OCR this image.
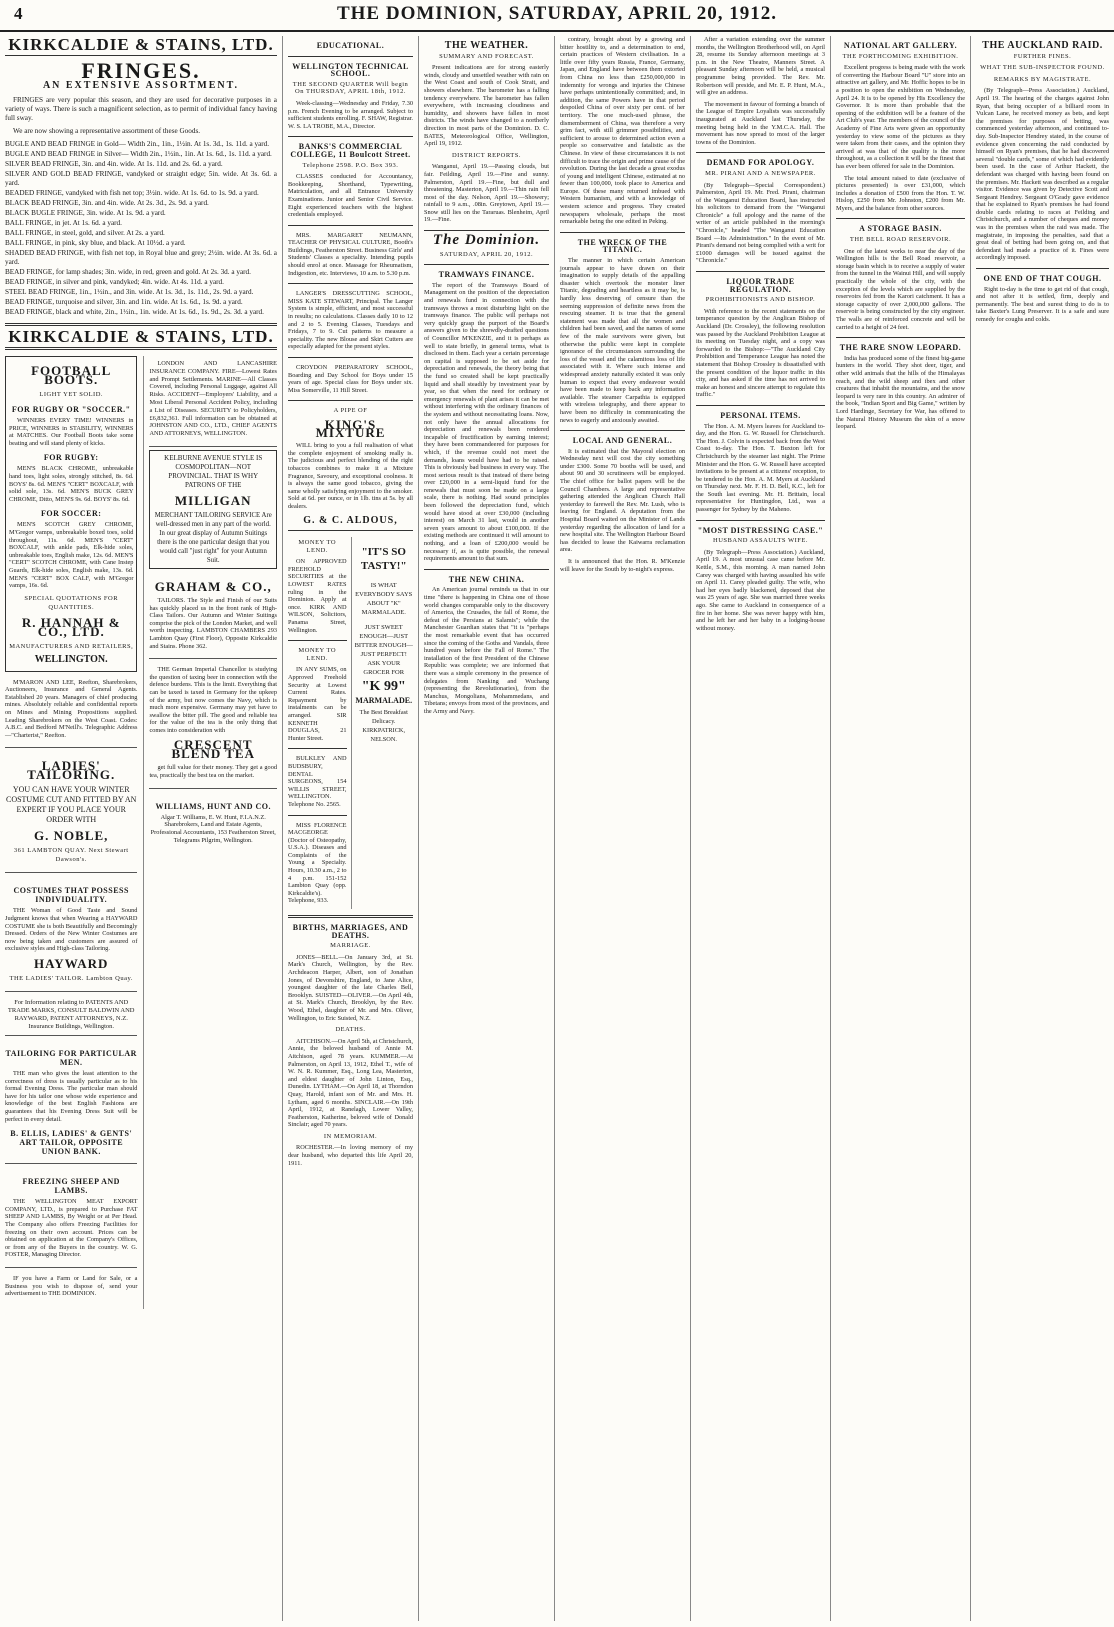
4	THE DOMINION, SATURDAY, APRIL 20, 1912.
KIRKCALDIE & STAINS, LTD.
FRINGES.
AN EXTENSIVE ASSORTMENT.

FRINGES are very popular this season, and they are used for decorative purposes in a variety of ways. There is such a magnificent selection, as to permit of individual fancy having full sway.

We are now showing a representative assortment of these Goods.

BUGLE AND BEAD FRINGE in Gold— Width 2in., 1in., 1½in. At 1s. 3d., 1s. 11d. a yard.
BUGLE AND BEAD FRINGE in Silver— Width 2in., 1½in., 1in. At 1s. 6d., 1s. 11d. a yard.
SILVER BEAD FRINGE, 3in. and 4in. wide. At 1s. 11d. and 2s. 6d. a yard.
SILVER AND GOLD BEAD FRINGE, vandyked or straight edge; 5in. wide. At 3s. 6d. a yard.
BEADED FRINGE, vandyked with fish net top; 3½in. wide. At 1s. 6d. to 1s. 9d. a yard.
BLACK BEAD FRINGE, 3in. and 4in. wide. At 2s. 3d., 2s. 9d. a yard.
BLACK BUGLE FRINGE, 3in. wide. At 1s. 9d. a yard.
BALL FRINGE, in jet. At 1s. 6d. a yard.
BALL FRINGE, in steel, gold, and silver. At 2s. a yard.
BALL FRINGE, in pink, sky blue, and black. At 10½d. a yard.
SHADED BEAD FRINGE, with fish net top, in Royal blue and grey; 2½in. wide. At 3s. 6d. a yard.
BEAD FRINGE, for lamp shades; 3in. wide, in red, green and gold. At 2s. 3d. a yard.
BEAD FRINGE, in silver and pink, vandyked; 4in. wide. At 4s. 11d. a yard.
STEEL BEAD FRINGE, 1in., 1½in., and 3in. wide. At 1s. 3d., 1s. 11d., 2s. 9d. a yard.
BEAD FRINGE, turquoise and silver, 3in. and 1in. wide. At 1s. 6d., 1s. 9d. a yard.
BEAD FRINGE, black and white, 2in., 1½in., 1in. wide. At 1s. 6d., 1s. 9d., 2s. 3d. a yard.
KIRKCALDIE & STAINS, LTD.
FOOTBALL BOOTS.
LIGHT YET SOLID.
FOR RUGBY OR "SOCCER."

WINNERS EVERY TIME! WINNERS in PRICE, WINNERS in STABILITY, WINNERS at MATCHES. Our Football Boots take some beating and will stand plenty of kicks.

FOR RUGBY:

MEN'S BLACK CHROME, unbreakable hand toes, light soles, strongly stitched, 8s. 6d. BOYS' 8s. 6d. MEN'S "CERT" BOXCALF, with solid sole, 13s. 6d. MEN'S BUCK GREY CHROME, Ditto, MEN'S 9s. 6d. BOYS' 8s. 6d.

FOR SOCCER:

MEN'S SCOTCH GREY CHROME, M'Gregor vamps, unbreakable boxed toes, solid throughout, 11s. 6d. MEN'S "CERT" BOXCALF, with ankle pads, Elk-hide soles, unbreakable toes, English make, 12s. 6d. MEN'S "CERT" SCOTCH CHROME, with Cane Instep Guards, Elk-hide soles, English make, 13s. 6d. MEN'S "CERT" BOX CALF, with M'Gregor vamps, 16s. 6d.

SPECIAL QUOTATIONS FOR QUANTITIES.
R. HANNAH & CO., LTD.
MANUFACTURERS AND RETAILERS,
WELLINGTON.

M'MARON AND LEE, Reefton, Sharebrokers, Auctioneers, Insurance and General Agents. Established 20 years. Managers of chief producing mines. Absolutely reliable and confidential reports on Mines and Mining Propositions supplied. Leading Sharebrokers on the West Coast. Codes: A.B.C. and Bedford M'Neill's. Telegraphic Address—"Charterist," Reefton.

LADIES' TAILORING.
YOU CAN HAVE YOUR WINTER COSTUME CUT AND FITTED BY AN EXPERT IF YOU PLACE YOUR ORDER WITH
G. NOBLE,
361 LAMBTON QUAY. Next Stewart Dawson's.
COSTUMES THAT POSSESS INDIVIDUALITY.

THE Woman of Good Taste and Sound Judgment knows that when Wearing a HAYWARD COSTUME she is both Beautifully and Becomingly Dressed. Orders of the New Winter Costumes are now being taken and customers are assured of exclusive styles and High-class Tailoring.

HAYWARD
THE LADIES' TAILOR. Lambton Quay.
For Information relating to PATENTS AND TRADE MARKS, CONSULT BALDWIN AND RAYWARD, PATENT ATTORNEYS, N.Z. Insurance Buildings, Wellington.
TAILORING FOR PARTICULAR MEN.

THE man who gives the least attention to the correctness of dress is usually particular as to his formal Evening Dress. The particular man should have for his tailor one whose wide experience and knowledge of the best English Fashions are guarantees that his Evening Dress Suit will be perfect in every detail.

B. ELLIS, LADIES' & GENTS' ART TAILOR, OPPOSITE UNION BANK.
FREEZING SHEEP AND LAMBS.

THE WELLINGTON MEAT EXPORT COMPANY, LTD., is prepared to Purchase FAT SHEEP AND LAMBS, By Weight or at Per Head. The Company also offers Freezing Facilities for freezing on their own account. Prices can be obtained on application at the Company's Offices, or from any of the Buyers in the country. W. G. FOSTER, Managing Director.

IF you have a Farm or Land for Sale, or a Business you wish to dispose of, send your advertisement to THE DOMINION.

LONDON AND LANCASHIRE INSURANCE COMPANY. FIRE—Lowest Rates and Prompt Settlements. MARINE—All Classes Covered, including Personal Luggage, against All Risks. ACCIDENT—Employers' Liability, and a Most Liberal Personal Accident Policy, including a List of Diseases. SECURITY to Policyholders, £6,832,361. Full information can be obtained at JOHNSTON AND CO., LTD., CHIEF AGENTS AND ATTORNEYS, WELLINGTON.

KELBURNE AVENUE STYLE IS COSMOPOLITAN—NOT PROVINCIAL. THAT IS WHY PATRONS OF THE
MILLIGAN
MERCHANT TAILORING SERVICE Are well-dressed men in any part of the world. In our great display of Autumn Suitings there is the one particular design that you would call "just right" for your Autumn Suit.
GRAHAM & CO.,

TAILORS. The Style and Finish of our Suits has quickly placed us in the front rank of High-Class Tailors. Our Autumn and Winter Suitings comprise the pick of the London Market, and well worth inspecting. LAMBTON CHAMBERS 293 Lambton Quay (First Floor), Opposite Kirkcaldie and Stains. Phone 362.

THE German Imperial Chancellor is studying the question of taxing beer in connection with the defence burdens. This is the limit. Everything that can be taxed is taxed in Germany for the upkeep of the army, but now comes the Navy, which is much more expensive. Germany may yet have to swallow the bitter pill. The good and reliable tea for the value of the tea is the only thing that comes into consideration with

CRESCENT BLEND TEA

get full value for their money. They get a good tea, practically the best tea on the market.

WILLIAMS, HUNT AND CO.
Algar T. Williams, E. W. Hunt, F.I.A.N.Z. Sharebrokers, Land and Estate Agents, Professional Accountants, 153 Featherston Street, Telegrams Pilgrim, Wellington.
EDUCATIONAL.
WELLINGTON TECHNICAL SCHOOL.
THE SECOND QUARTER Will begin On THURSDAY, APRIL 18th, 1912.

Week-classing—Wednesday and Friday, 7.30 p.m. French Evening to be arranged. Subject to sufficient students enrolling. F. SHAW, Registrar. W. S. LA TROBE, M.A., Director.

BANKS'S COMMERCIAL COLLEGE, 11 Boulcott Street.
Telephone 2598. P.O. Box 393.

CLASSES conducted for Accountancy, Bookkeeping, Shorthand, Typewriting, Matriculation, and all Entrance University Examinations. Junior and Senior Civil Service. Eight experienced teachers with the highest credentials employed.

MRS. MARGARET NEUMANN, TEACHER OF PHYSICAL CULTURE, Booth's Buildings, Featherston Street. Business Girls' and Students' Classes a speciality. Intending pupils should enrol at once. Massage for Rheumatism, Indigestion, etc. Interviews, 10 a.m. to 5.30 p.m.

LANGER'S DRESSCUTTING SCHOOL, MISS KATE STEWART, Principal. The Langer System is simple, efficient, and most successful in results; no calculations. Classes daily 10 to 12 and 2 to 5. Evening Classes, Tuesdays and Fridays, 7 to 9. Cut patterns to measure a speciality. The new Blouse and Skirt Cutters are especially adapted for the present styles.

CROYDON PREPARATORY SCHOOL, Boarding and Day School for Boys under 15 years of age. Special class for Boys under six. Miss Somerville, 11 Hill Street.

A PIPE OF
KING'S MIXTURE

WILL bring to you a full realisation of what the complete enjoyment of smoking really is. The judicious and perfect blending of the right tobaccos combines to make it a Mixture Fragrance, Savoury, and exceptional coolness. It is always the same good tobacco, giving the same wholly satisfying enjoyment to the smoker. Sold at 6d. per ounce, or in 1lb. tins at 5s. by all dealers.

G. & C. ALDOUS,
MONEY TO LEND.

ON APPROVED FREEHOLD SECURITIES at the LOWEST RATES ruling in the Dominion. Apply at once. KIRK AND WILSON, Solicitors, Panama Street, Wellington.

MONEY TO LEND.

IN ANY SUMS, on Approved Freehold Security at Lowest Current Rates. Repayment by instalments can be arranged. SIR KENNETH DOUGLAS, 21 Hunter Street.

BULKLEY AND BUDSBURY, DENTAL SURGEONS, 154 WILLIS STREET, WELLINGTON. Telephone No. 2565.

MISS FLORENCE MACGEORGE (Doctor of Osteopathy, U.S.A.). Diseases and Complaints of the Young a Specialty. Hours, 10.30 a.m., 2 to 4 p.m. 151-152 Lambton Quay (opp. Kirkcaldie's). Telephone, 933.

"IT'S SO TASTY!"
IS WHAT EVERYBODY SAYS ABOUT "K" MARMALADE.
JUST SWEET ENOUGH—JUST BITTER ENOUGH—JUST PERFECT! ASK YOUR GROCER FOR
"K 99"
MARMALADE.
The Best Breakfast Delicacy. KIRKPATRICK, NELSON.
BIRTHS, MARRIAGES, AND DEATHS.
MARRIAGE.

JONES—BELL.—On January 3rd, at St. Mark's Church, Wellington, by the Rev. Archdeacon Harper, Albert, son of Jonathan Jones, of Devonshire, England, to Jane Alice, youngest daughter of the late Charles Bell, Brooklyn. SUISTED—OLIVER.—On April 4th, at St. Mark's Church, Brooklyn, by the Rev. Wood, Ethel, daughter of Mr. and Mrs. Oliver, Wellington, to Eric Suisted, N.Z.

DEATHS.

AITCHISON.—On April 5th, at Christchurch, Annie, the beloved husband of Annie M. Aitchison, aged 78 years. KUMMER.—At Palmerston, on April 13, 1912, Ethel T., wife of W. N. R. Kummer, Esq., Long Lea, Masterton, and eldest daughter of John Linton, Esq., Dunedin. LYTHAM.—On April 18, at Thorndon Quay, Harold, infant son of Mr. and Mrs. H. Lytham, aged 6 months. SINCLAIR.—On 19th April, 1912, at Ranelagh, Lower Valley, Featherston, Katherine, beloved wife of Donald Sinclair; aged 70 years.

IN MEMORIAM.

ROCHESTER.—In loving memory of my dear husband, who departed this life April 20, 1911.

THE WEATHER.
SUMMARY AND FORECAST.

Present indications are for strong easterly winds, cloudy and unsettled weather with rain on the West Coast and south of Cook Strait, and showers elsewhere. The barometer has a falling tendency everywhere. The barometer has fallen everywhere, with increasing cloudiness and humidity, and showers have fallen in most districts. The winds have changed to a northerly direction in most parts of the Dominion. D. C. BATES, Meteorological Office, Wellington, April 19, 1912.

DISTRICT REPORTS.

Wanganui, April 19.—Passing clouds, but fair. Feilding, April 19.—Fine and sunny. Palmerston, April 19.—Fine, but dull and threatening. Masterton, April 19.—Thin rain fell most of the day. Nelson, April 19.—Showery; rainfall to 9 a.m., .08in. Greytown, April 19.—Snow still lies on the Tararuas. Blenheim, April 19.—Fine.

The Dominion.
SATURDAY, APRIL 20, 1912.
TRAMWAYS FINANCE.

The report of the Tramways Board of Management on the position of the depreciation and renewals fund in connection with the tramways throws a most disturbing light on the tramways finance. The public will perhaps not very quickly grasp the purport of the Board's answers given to the shrewdly-drafted questions of Councillor M'KENZIE, and it is perhaps as well to state briefly, in general terms, what is disclosed in them. Each year a certain percentage on capital is supposed to be set aside for depreciation and renewals, the theory being that the fund so created shall be kept practically liquid and shall steadily by investment year by year, so that when the need for ordinary or emergency renewals of plant arises it can be met without interfering with the ordinary finances of the system and without necessitating loans. Now, not only have the annual allocations for depreciation and renewals been rendered incapable of fructification by earning interest; they have been commandeered for purposes for which, if the revenue could not meet the demands, loans would have had to be raised. This is obviously bad business in every way. The most serious result is that instead of there being over £20,000 in a semi-liquid fund for the renewals that must soon be made on a large scale, there is nothing. Had sound principles been followed the depreciation fund, which would have stood at over £30,000 (including interest) on March 31 last, would in another seven years amount to about £100,000. If the existing methods are continued it will amount to nothing, and a loan of £200,000 would be necessary if, as is quite possible, the renewal requirements amount to that sum.

THE NEW CHINA.

An American journal reminds us that in our time "there is happening in China one of those world changes comparable only to the discovery of America, the Crusades, the fall of Rome, the defeat of the Persians at Salamis"; while the Manchester Guardian states that "it is "perhaps the most remarkable event that has occurred since the coming of the Goths and Vandals, three hundred years before the Fall of Rome." The installation of the first President of the Chinese Republic was complete; we are informed that there was a simple ceremony in the presence of delegates from Nanking and Wuchang (representing the Revolutionaries), from the Manchus, Mongolians, Mohammedans, and Tibetans; envoys from most of the provinces, and the Army and Navy.

contrary, brought about by a growing and bitter hostility to, and a determination to end, certain practices of Western civilisation. In a little over fifty years Russia, France, Germany, Japan, and England have between them extorted from China no less than £250,000,000 in indemnity for wrongs and injuries the Chinese have perhaps unintentionally committed; and, in addition, the same Powers have in that period despoiled China of over sixty per cent. of her territory. The one much-used phrase, the dismemberment of China, was therefore a very grim fact, with still grimmer possibilities, and sufficient to arouse to determined action even a people so conservative and fatalistic as the Chinese. In view of these circumstances it is not difficult to trace the origin and prime cause of the revolution. During the last decade a great exodus of young and intelligent Chinese, estimated at no fewer than 100,000, took place to America and Europe. Of these many returned imbued with Western humanism, and with a knowledge of western science and progress. They created newspapers wholesale, perhaps the most remarkable being the one edited in Peking.

THE WRECK OF THE TITANIC.

The manner in which certain American journals appear to have drawn on their imagination to supply details of the appalling disaster which overtook the monster liner Titanic, degrading and heartless as it may be, is hardly less deserving of censure than the seeming suppression of definite news from the rescuing steamer. It is true that the general statement was made that all the women and children had been saved, and the names of some few of the male survivors were given, but otherwise the public were kept in complete ignorance of the circumstances surrounding the loss of the vessel and the calamitous loss of life associated with it. Where such intense and widespread anxiety naturally existed it was only human to expect that every endeavour would have been made to keep back any information available. The steamer Carpathia is equipped with wireless telegraphy, and there appear to have been no difficulty in communicating the news to eagerly and anxiously awaited.

LOCAL AND GENERAL.

It is estimated that the Mayoral election on Wednesday next will cost the city something under £300. Some 70 booths will be used, and about 90 and 30 scrutineers will be employed. The chief office for ballot papers will be the Council Chambers. A large and representative gathering attended the Anglican Church Hall yesterday to farewell the Rev. Mr. Lush, who is leaving for England. A deputation from the Hospital Board waited on the Minister of Lands yesterday regarding the allocation of land for a new hospital site. The Wellington Harbour Board has decided to lease the Kaiwarra reclamation area.

It is announced that the Hon. R. M'Kenzie will leave for the South by to-night's express.

After a variation extending over the summer months, the Wellington Brotherhood will, on April 28, resume its Sunday afternoon meetings at 3 p.m. in the New Theatre, Manners Street. A pleasant Sunday afternoon will be held, a musical programme being provided. The Rev. Mr. Robertson will preside, and Mr. E. P. Hunt, M.A., will give an address.

The movement in favour of forming a branch of the League of Empire Loyalists was successfully inaugurated at Auckland last Thursday, the meeting being held in the Y.M.C.A. Hall. The movement has now spread to most of the larger towns of the Dominion.

DEMAND FOR APOLOGY.
MR. PIRANI AND A NEWSPAPER.

(By Telegraph—Special Correspondent.) Palmerston, April 19. Mr. Fred. Pirani, chairman of the Wanganui Education Board, has instructed his solicitors to demand from the "Wanganui Chronicle" a full apology and the name of the writer of an article published in the morning's "Chronicle," headed "The Wanganui Education Board —Its Administration." In the event of Mr. Pirani's demand not being complied with a writ for £1000 damages will be issued against the "Chronicle."

LIQUOR TRADE REGULATION.
PROHIBITIONISTS AND BISHOP.

With reference to the recent statements on the temperance question by the Anglican Bishop of Auckland (Dr. Crossley), the following resolution was passed by the Auckland Prohibition League at its meeting on Tuesday night, and a copy was forwarded to the Bishop:—"The Auckland City Prohibition and Temperance League has noted the statement that Bishop Crossley is dissatisfied with the present condition of the liquor traffic in this city, and has asked if the time has not arrived to make an honest and sincere attempt to regulate this traffic."

PERSONAL ITEMS.

The Hon. A. M. Myers leaves for Auckland to-day, and the Hon. G. W. Russell for Christchurch. The Hon. J. Colvin is expected back from the West Coast to-day. The Hon. T. Buxton left for Christchurch by the steamer last night. The Prime Minister and the Hon. G. W. Russell have accepted invitations to be present at a citizens' reception, to be tendered to the Hon. A. M. Myers at Auckland on Thursday next. Mr. F. H. D. Bell, K.C., left for the South last evening. Mr. H. Brittain, local representative for Huntingdon, Ltd., was a passenger for Sydney by the Maheno.

"MOST DISTRESSING CASE."
HUSBAND ASSAULTS WIFE.

(By Telegraph—Press Association.) Auckland, April 19. A most unusual case came before Mr. Kettle, S.M., this morning. A man named John Carey was charged with having assaulted his wife on April 11. Carey pleaded guilty. The wife, who had her eyes badly blackened, deposed that she was 25 years of age. She was married three weeks ago. She came to Auckland in consequence of a fire in her home. She was never happy with him, and he left her and her baby in a lodging-house without money.

NATIONAL ART GALLERY.
THE FORTHCOMING EXHIBITION.

Excellent progress is being made with the work of converting the Harbour Board "U" store into an attractive art gallery, and Mr. Hoffic hopes to be in a position to open the exhibition on Wednesday, April 24. It is to be opened by His Excellency the Governor. It is more than probable that the opening of the exhibition will be a feature of the Art Club's year. The members of the council of the Academy of Fine Arts were given an opportunity yesterday to view some of the pictures as they were taken from their cases, and the opinion they arrived at was that of the quality is the more throughout, as a collection it will be the finest that has ever been offered for sale in the Dominion.

The total amount raised to date (exclusive of pictures presented) is over £31,000, which includes a donation of £500 from the Hon. T. W. Hislop, £250 from Mr. Johnston, £200 from Mr. Myers, and the balance from other sources.

A STORAGE BASIN.
THE BELL ROAD RESERVOIR.

One of the latest works to near the day of the Wellington hills is the Bell Road reservoir, a storage basin which is to receive a supply of water from the tunnel in the Wainui Hill, and will supply practically the whole of the city, with the exception of the levels which are supplied by the reservoirs fed from the Karori catchment. It has a storage capacity of over 2,000,000 gallons. The reservoir is being constructed by the city engineer. The walls are of reinforced concrete and will be carried to a height of 24 feet.

THE RARE SNOW LEOPARD.

India has produced some of the finest big-game hunters in the world. They shot deer, tiger, and other wild animals that the hills of the Himalayas reach, and the wild sheep and ibex and other creatures that inhabit the mountains, and the snow leopard is very rare in this country. An admirer of the book, "Indian Sport and Big Game," written by Lord Hardinge, Secretary for War, has offered to the Natural History Museum the skin of a snow leopard.

THE AUCKLAND RAID.
FURTHER FINES.
WHAT THE SUB-INSPECTOR FOUND.
REMARKS BY MAGISTRATE.

(By Telegraph—Press Association.) Auckland, April 19. The hearing of the charges against John Ryan, that being occupier of a billiard room in Vulcan Lane, he received money as bets, and kept the premises for purposes of betting, was commenced yesterday afternoon, and continued to-day. Sub-Inspector Hendrey stated, in the course of evidence given concerning the raid conducted by himself on Ryan's premises, that he had discovered several "double cards," some of which had evidently been used. In the case of Arthur Hackett, the defendant was charged with having been found on the premises. Mr. Hackett was described as a regular visitor. Evidence was given by Detective Scott and Sergeant Hendrey. Sergeant O'Grady gave evidence that he explained to Ryan's premises he had found double cards relating to races at Feilding and Christchurch, and a number of cheques and money was in the premises when the raid was made. The magistrate, in imposing the penalties, said that a great deal of betting had been going on, and that defendant had made a practice of it. Fines were accordingly imposed.

ONE END OF THAT COUGH.

Right to-day is the time to get rid of that cough, and not after it is settled, firm, deeply and permanently. The best and surest thing to do is to take Baxter's Lung Preserver. It is a safe and sure remedy for coughs and colds.
